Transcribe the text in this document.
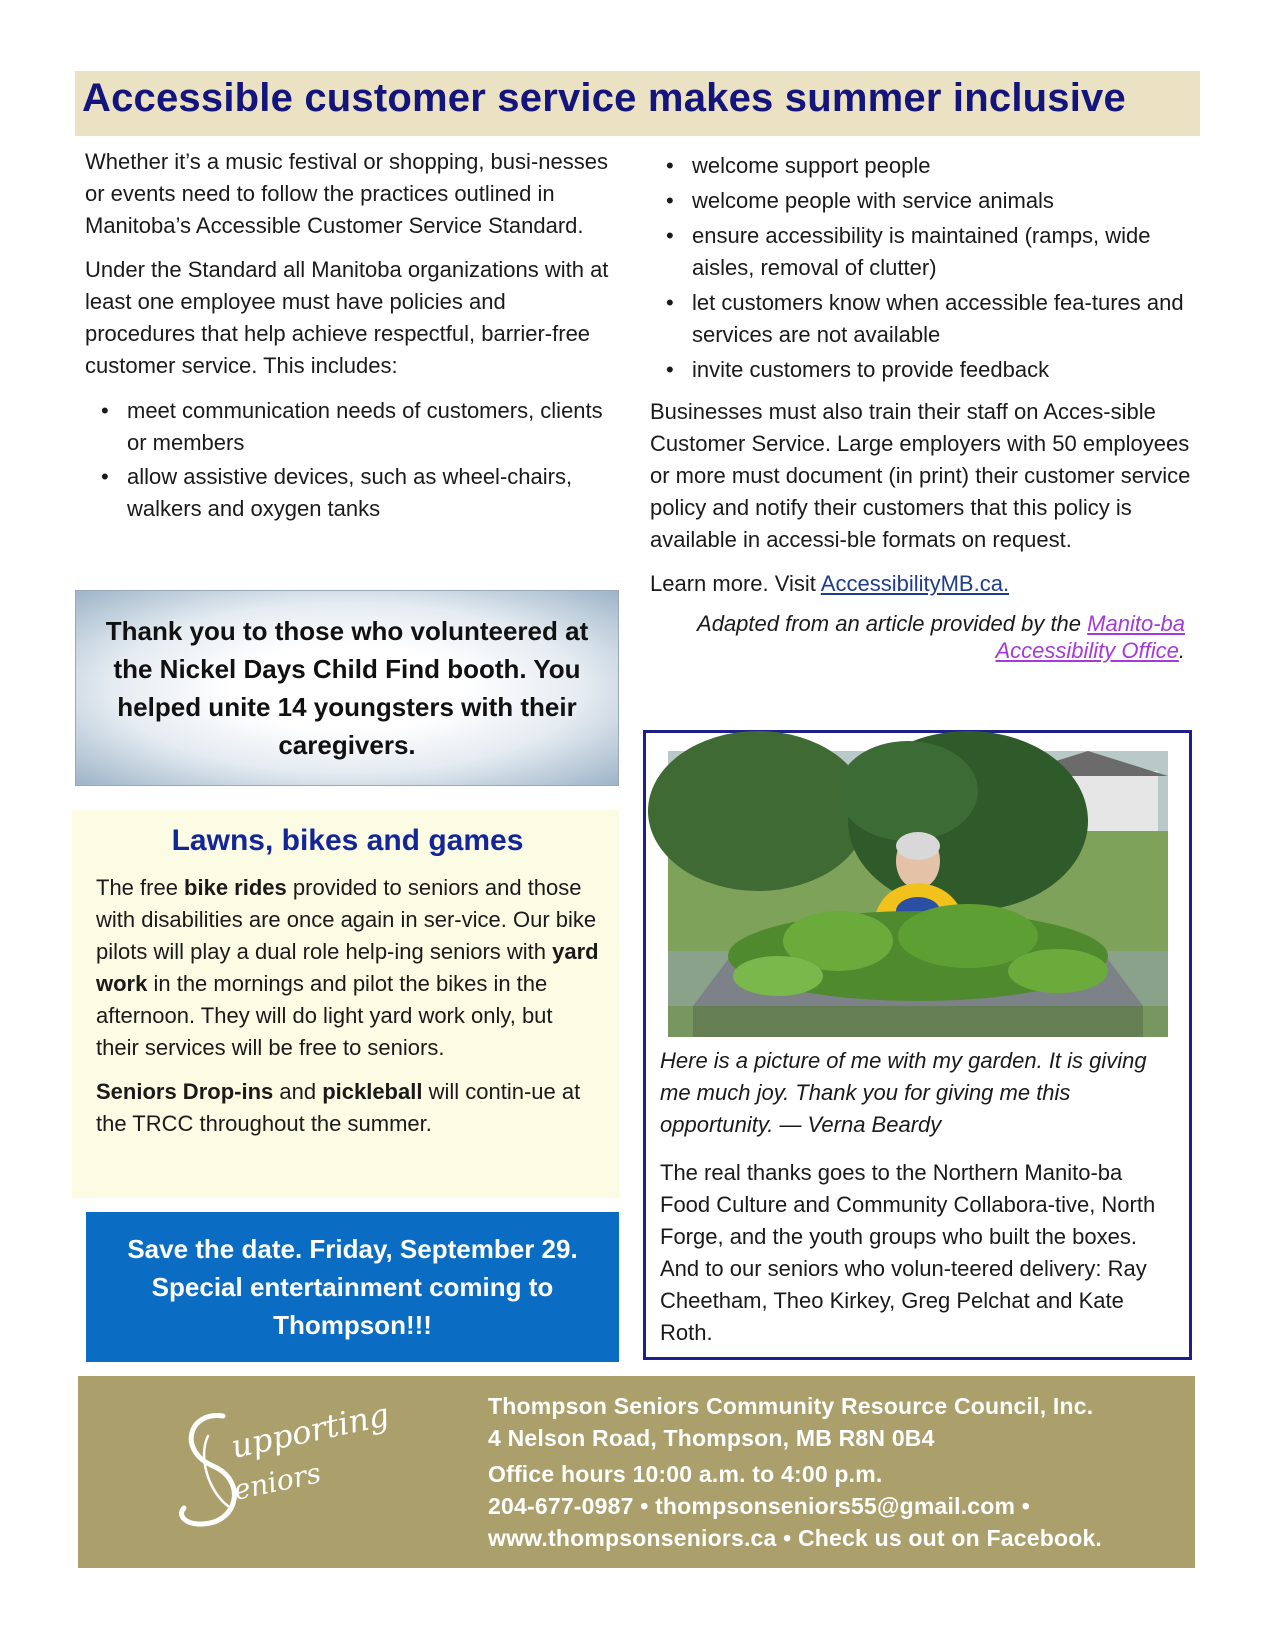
Accessible customer service makes summer inclusive

Whether it’s a music festival or shopping, busi-nesses or events need to follow the practices outlined in Manitoba’s Accessible Customer Service Standard.

Under the Standard all Manitoba organizations with at least one employee must have policies and procedures that help achieve respectful, barrier-free customer service. This includes:

• meet communication needs of customers, clients or members
• allow assistive devices, such as wheel-chairs, walkers and oxygen tanks
• welcome support people
• welcome people with service animals
• ensure accessibility is maintained (ramps, wide aisles, removal of clutter)
• let customers know when accessible fea-tures and services are not available
• invite customers to provide feedback

Businesses must also train their staff on Acces-sible Customer Service. Large employers with 50 employees or more must document (in print) their customer service policy and notify their customers that this policy is available in accessi-ble formats on request.

Learn more. Visit AccessibilityMB.ca.

Adapted from an article provided by the Manito-ba Accessibility Office.

Thank you to those who volunteered at the Nickel Days Child Find booth. You helped unite 14 youngsters with their caregivers.

Lawns, bikes and games

The free bike rides provided to seniors and those with disabilities are once again in ser-vice. Our bike pilots will play a dual role help-ing seniors with yard work in the mornings and pilot the bikes in the afternoon. They will do light yard work only, but their services will be free to seniors.

Seniors Drop-ins and pickleball will contin-ue at the TRCC throughout the summer.

Save the date. Friday, September 29. Special entertainment coming to Thompson!!!

Here is a picture of me with my garden. It is giving me much joy. Thank you for giving me this opportunity. — Verna Beardy

The real thanks goes to the Northern Manito-ba Food Culture and Community Collabora-tive, North Forge, and the youth groups who built the boxes. And to our seniors who volun-teered delivery: Ray Cheetham, Theo Kirkey, Greg Pelchat and Kate Roth.

upporting
eniors
Thompson Seniors Community Resource Council, Inc.
4 Nelson Road, Thompson, MB R8N 0B4
Office hours 10:00 a.m. to 4:00 p.m.
204-677-0987 • thompsonseniors55@gmail.com •
www.thompsonseniors.ca • Check us out on Facebook.
